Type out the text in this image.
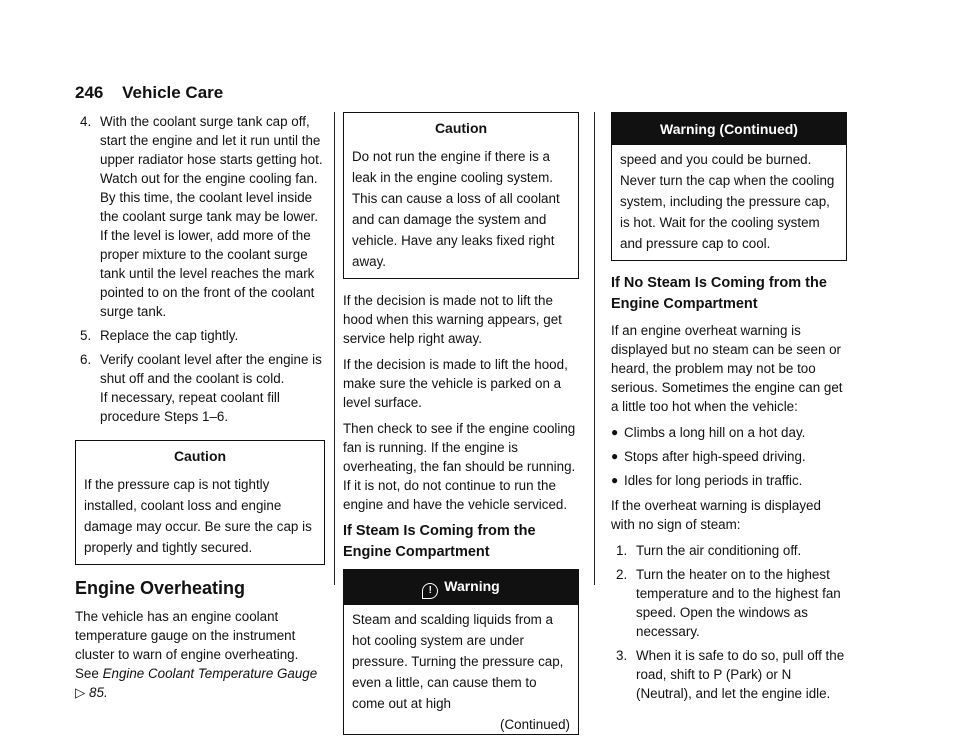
246 Vehicle Care
4. With the coolant surge tank cap off, start the engine and let it run until the upper radiator hose starts getting hot. Watch out for the engine cooling fan. By this time, the coolant level inside the coolant surge tank may be lower. If the level is lower, add more of the proper mixture to the coolant surge tank until the level reaches the mark pointed to on the front of the coolant surge tank.
5. Replace the cap tightly.
6. Verify coolant level after the engine is shut off and the coolant is cold.
If necessary, repeat coolant fill procedure Steps 1–6.
Caution
If the pressure cap is not tightly installed, coolant loss and engine damage may occur. Be sure the cap is properly and tightly secured.
Engine Overheating

The vehicle has an engine coolant temperature gauge on the instrument cluster to warn of engine overheating. See Engine Coolant Temperature Gauge ▷ 85.

Caution
Do not run the engine if there is a leak in the engine cooling system. This can cause a loss of all coolant and can damage the system and vehicle. Have any leaks fixed right away.

If the decision is made not to lift the hood when this warning appears, get service help right away.

If the decision is made to lift the hood, make sure the vehicle is parked on a level surface.

Then check to see if the engine cooling fan is running. If the engine is overheating, the fan should be running. If it is not, do not continue to run the engine and have the vehicle serviced.

If Steam Is Coming from the Engine Compartment
! Warning
Steam and scalding liquids from a hot cooling system are under pressure. Turning the pressure cap, even a little, can cause them to come out at high
(Continued)
Warning (Continued)
speed and you could be burned. Never turn the cap when the cooling system, including the pressure cap, is hot. Wait for the cooling system and pressure cap to cool.
If No Steam Is Coming from the Engine Compartment

If an engine overheat warning is displayed but no steam can be seen or heard, the problem may not be too serious. Sometimes the engine can get a little too hot when the vehicle:

● Climbs a long hill on a hot day.
● Stops after high-speed driving.
● Idles for long periods in traffic.

If the overheat warning is displayed with no sign of steam:

1. Turn the air conditioning off.
2. Turn the heater on to the highest temperature and to the highest fan speed. Open the windows as necessary.
3. When it is safe to do so, pull off the road, shift to P (Park) or N (Neutral), and let the engine idle.
